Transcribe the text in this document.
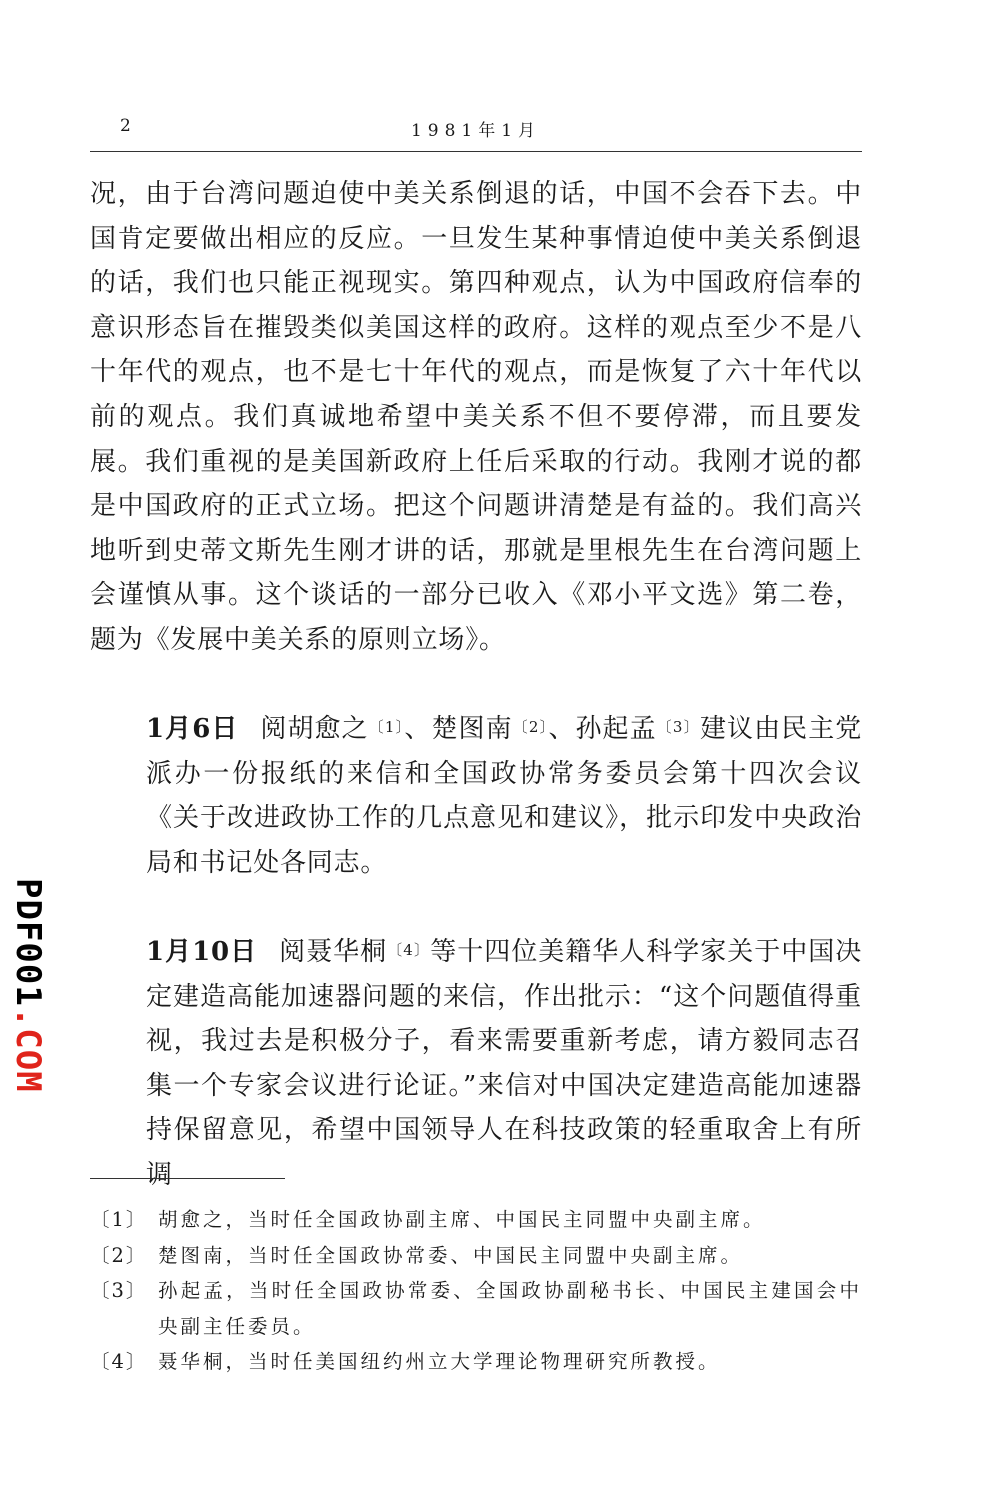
2	1981年1月

况，由于台湾问题迫使中美关系倒退的话，中国不会吞下去。中国肯定要做出相应的反应。一旦发生某种事情迫使中美关系倒退的话，我们也只能正视现实。第四种观点，认为中国政府信奉的意识形态旨在摧毁类似美国这样的政府。这样的观点至少不是八十年代的观点，也不是七十年代的观点，而是恢复了六十年代以前的观点。我们真诚地希望中美关系不但不要停滞，而且要发展。我们重视的是美国新政府上任后采取的行动。我刚才说的都是中国政府的正式立场。把这个问题讲清楚是有益的。我们高兴地听到史蒂文斯先生刚才讲的话，那就是里根先生在台湾问题上会谨慎从事。这个谈话的一部分已收入《邓小平文选》第二卷，题为《发展中美关系的原则立场》。

1月6日 阅胡愈之$^{〔1〕}$、楚图南$^{〔2〕}$、孙起孟$^{〔3〕}$建议由民主党派办一份报纸的来信和全国政协常务委员会第十四次会议《关于改进政协工作的几点意见和建议》，批示印发中央政治局和书记处各同志。

1月10日 阅聂华桐$^{〔4〕}$等十四位美籍华人科学家关于中国决定建造高能加速器问题的来信，作出批示：“这个问题值得重视，我过去是积极分子，看来需要重新考虑，请方毅同志召集一个专家会议进行论证。”来信对中国决定建造高能加速器持保留意见，希望中国领导人在科技政策的轻重取舍上有所调

〔1〕 胡愈之，当时任全国政协副主席、中国民主同盟中央副主席。
〔2〕 楚图南，当时任全国政协常委、中国民主同盟中央副主席。
〔3〕 孙起孟，当时任全国政协常委、全国政协副秘书长、中国民主建国会中央副主任委员。
〔4〕 聂华桐，当时任美国纽约州立大学理论物理研究所教授。
PDF001.COM
